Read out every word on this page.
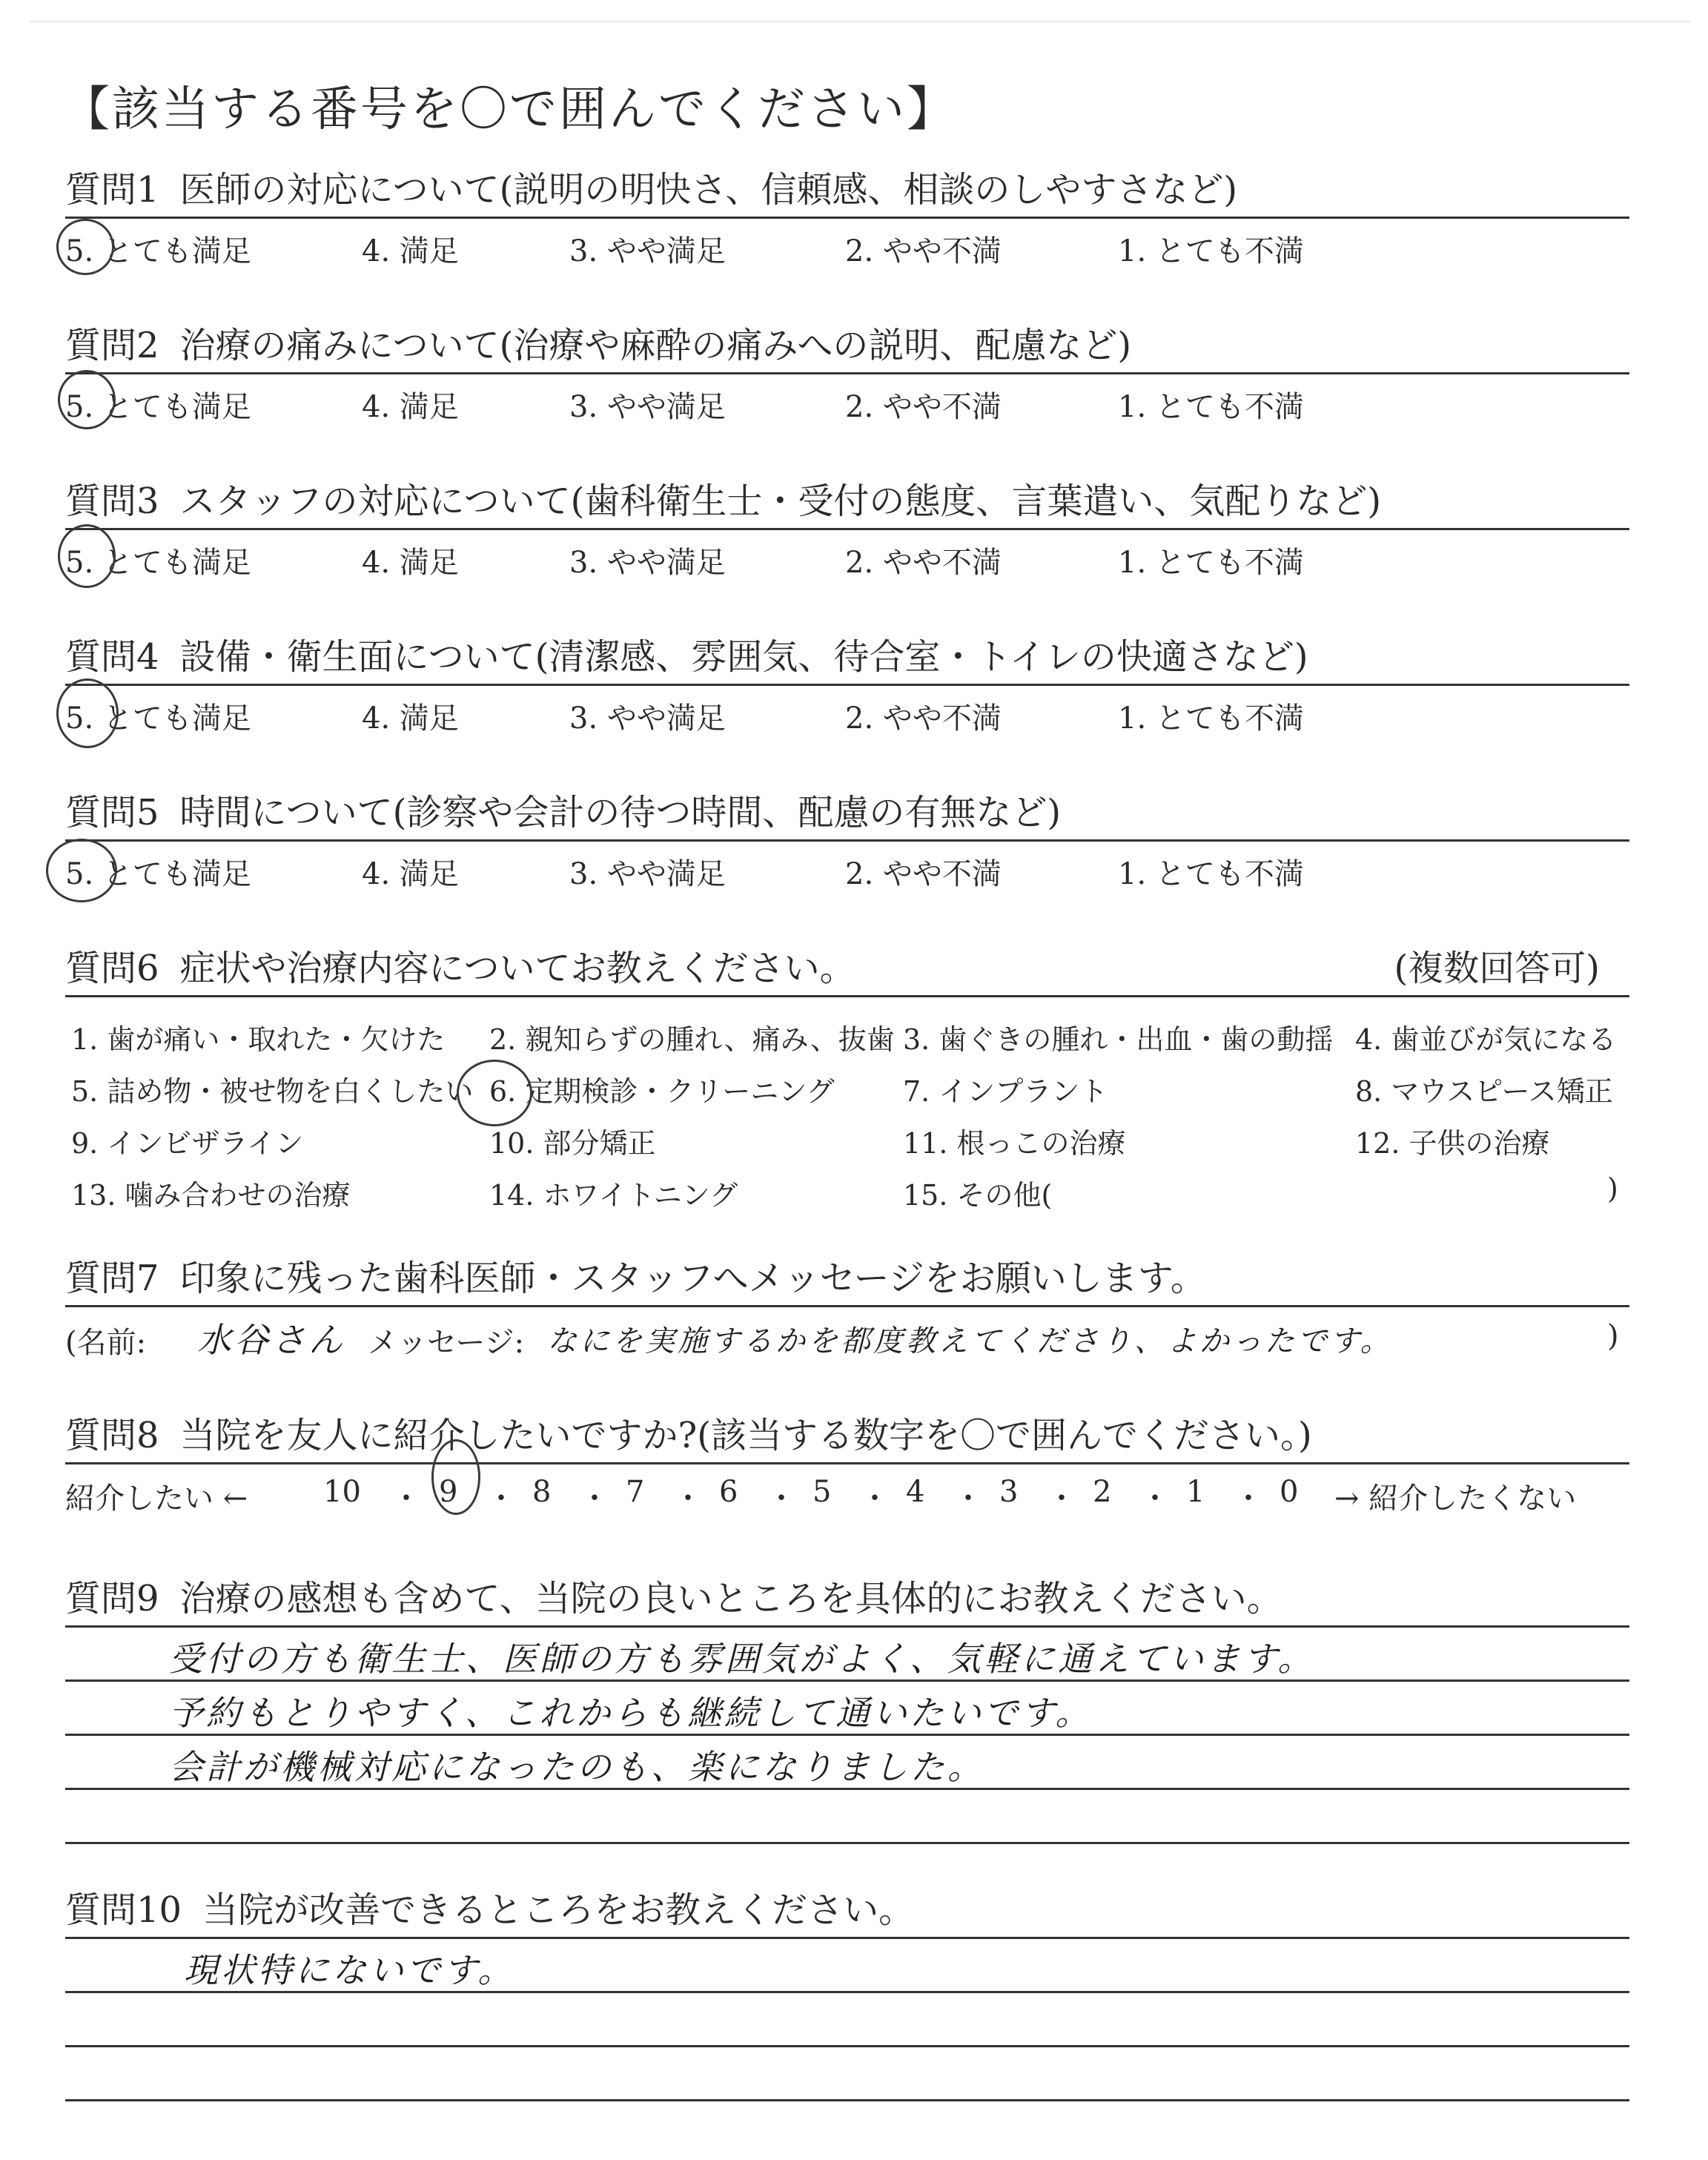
【該当する番号を〇で囲んでください】
質問1 医師の対応について(説明の明快さ、信頼感、相談のしやすさなど)
5. とても満足	4. 満足	3. やや満足	2. やや不満	1. とても不満
質問2 治療の痛みについて(治療や麻酔の痛みへの説明、配慮など)
5. とても満足	4. 満足	3. やや満足	2. やや不満	1. とても不満
質問3 スタッフの対応について(歯科衛生士・受付の態度、言葉遣い、気配りなど)
5. とても満足	4. 満足	3. やや満足	2. やや不満	1. とても不満
質問4 設備・衛生面について(清潔感、雰囲気、待合室・トイレの快適さなど)
5. とても満足	4. 満足	3. やや満足	2. やや不満	1. とても不満
質問5 時間について(診察や会計の待つ時間、配慮の有無など)
5. とても満足	4. 満足	3. やや満足	2. やや不満	1. とても不満
質問6 症状や治療内容についてお教えください。	(複数回答可)
1. 歯が痛い・取れた・欠けた 2. 親知らずの腫れ、痛み、抜歯 3. 歯ぐきの腫れ・出血・歯の動揺 4. 歯並びが気になる
5. 詰め物・被せ物を白くしたい 6. 定期検診・クリーニング 7. インプラント	8. マウスピース矯正
9. インビザライン	10. 部分矯正	11. 根っこの治療	12. 子供の治療
13. 噛み合わせの治療	14. ホワイトニング	15. その他(	)
質問7 印象に残った歯科医師・スタッフへメッセージをお願いします。
(名前: 水谷さん メッセージ: なにを実施するかを都度教えてくださり、よかったです。	)
質問8 当院を友人に紹介したいですか?(該当する数字を〇で囲んでください。)
紹介したい ←	10 ・ 9 ・ 8 ・ 7 ・ 6 ・ 5 ・ 4 ・ 3 ・ 2 ・ 1 ・ 0 → 紹介したくない
質問9 治療の感想も含めて、当院の良いところを具体的にお教えください。
受付の方も衛生士、医師の方も雰囲気がよく、気軽に通えています。
予約もとりやすく、これからも継続して通いたいです。
会計が機械対応になったのも、楽になりました。
質問10 当院が改善できるところをお教えください。
現状特にないです。
